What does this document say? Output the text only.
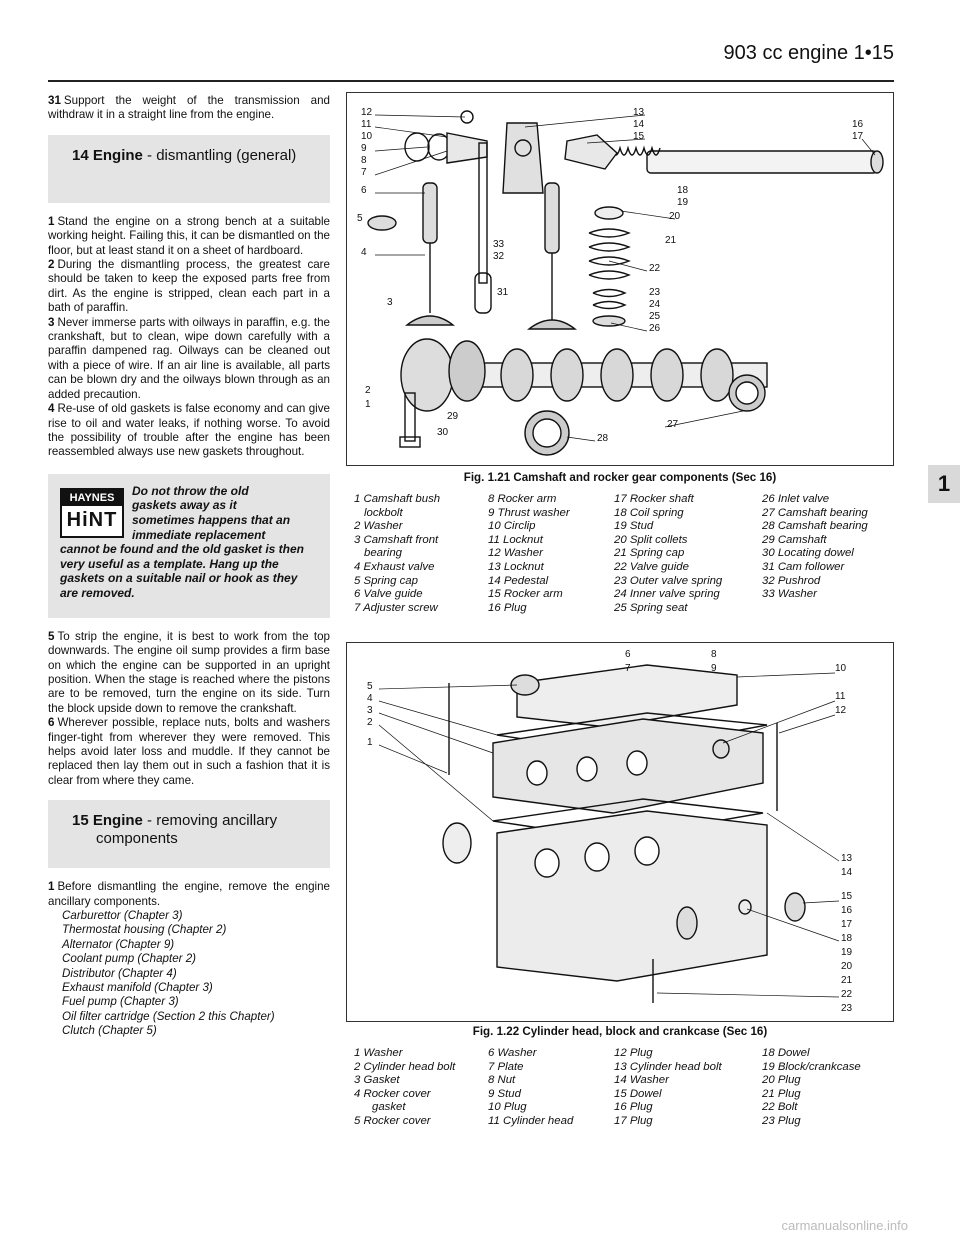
903 cc engine 1•15
1

31 Support the weight of the transmission and withdraw it in a straight line from the engine.

14 Engine - dismantling (general)

1 Stand the engine on a strong bench at a suitable working height. Failing this, it can be dismantled on the floor, but at least stand it on a sheet of hardboard.

2 During the dismantling process, the greatest care should be taken to keep the exposed parts free from dirt. As the engine is stripped, clean each part in a bath of paraffin.

3 Never immerse parts with oilways in paraffin, e.g. the crankshaft, but to clean, wipe down carefully with a paraffin dampened rag. Oilways can be cleaned out with a piece of wire. If an air line is available, all parts can be blown dry and the oilways blown through as an added precaution.

4 Re-use of old gaskets is false economy and can give rise to oil and water leaks, if nothing worse. To avoid the possibility of trouble after the engine has been reassembled always use new gaskets throughout.

HAYNES
HiNT
Do not throw the old
gaskets away as it
sometimes happens that an
immediate replacement
cannot be found and the old gasket is then very useful as a template. Hang up the gaskets on a suitable nail or hook as they are removed.

5 To strip the engine, it is best to work from the top downwards. The engine oil sump provides a firm base on which the engine can be supported in an upright position. When the stage is reached where the pistons are to be removed, turn the engine on its side. Turn the block upside down to remove the crankshaft.

6 Wherever possible, replace nuts, bolts and washers finger-tight from wherever they were removed. This helps avoid later loss and muddle. If they cannot be replaced then lay them out in such a fashion that it is clear from where they came.

15 Engine - removing ancillary
components

1 Before dismantling the engine, remove the engine ancillary components.

Carburettor (Chapter 3)
Thermostat housing (Chapter 2)
Alternator (Chapter 9)
Coolant pump (Chapter 2)
Distributor (Chapter 4)
Exhaust manifold (Chapter 3)
Fuel pump (Chapter 3)
Oil filter cartridge (Section 2 this Chapter)
Clutch (Chapter 5)
12
11
10
9
8
7
6
5
4
3
2
1
13
14
15
16
17
18
19
20
21
22
23
24
25
26
27
28
29
30
31
32
33
Fig. 1.21 Camshaft and rocker gear components (Sec 16)
1 Camshaft bush
lockbolt
2 Washer
3 Camshaft front
bearing
4 Exhaust valve
5 Spring cap
6 Valve guide
7 Adjuster screw
8 Rocker arm
9 Thrust washer
10 Circlip
11 Locknut
12 Washer
13 Locknut
14 Pedestal
15 Rocker arm
16 Plug
17 Rocker shaft
18 Coil spring
19 Stud
20 Split collets
21 Spring cap
22 Valve guide
23 Outer valve spring
24 Inner valve spring
25 Spring seat
26 Inlet valve
27 Camshaft bearing
28 Camshaft bearing
29 Camshaft
30 Locating dowel
31 Cam follower
32 Pushrod
33 Washer
6
7
8
9	10
11
12
5
4
3
2
1
13
14
15
16
17
18
19
20
21
22
23
Fig. 1.22 Cylinder head, block and crankcase (Sec 16)
1 Washer
2 Cylinder head bolt
3 Gasket
4 Rocker cover
gasket
5 Rocker cover
6 Washer
7 Plate
8 Nut
9 Stud
10 Plug
11 Cylinder head
12 Plug
13 Cylinder head bolt
14 Washer
15 Dowel
16 Plug
17 Plug
18 Dowel
19 Block/crankcase
20 Plug
21 Plug
22 Bolt
23 Plug
carmanualsonline.info
